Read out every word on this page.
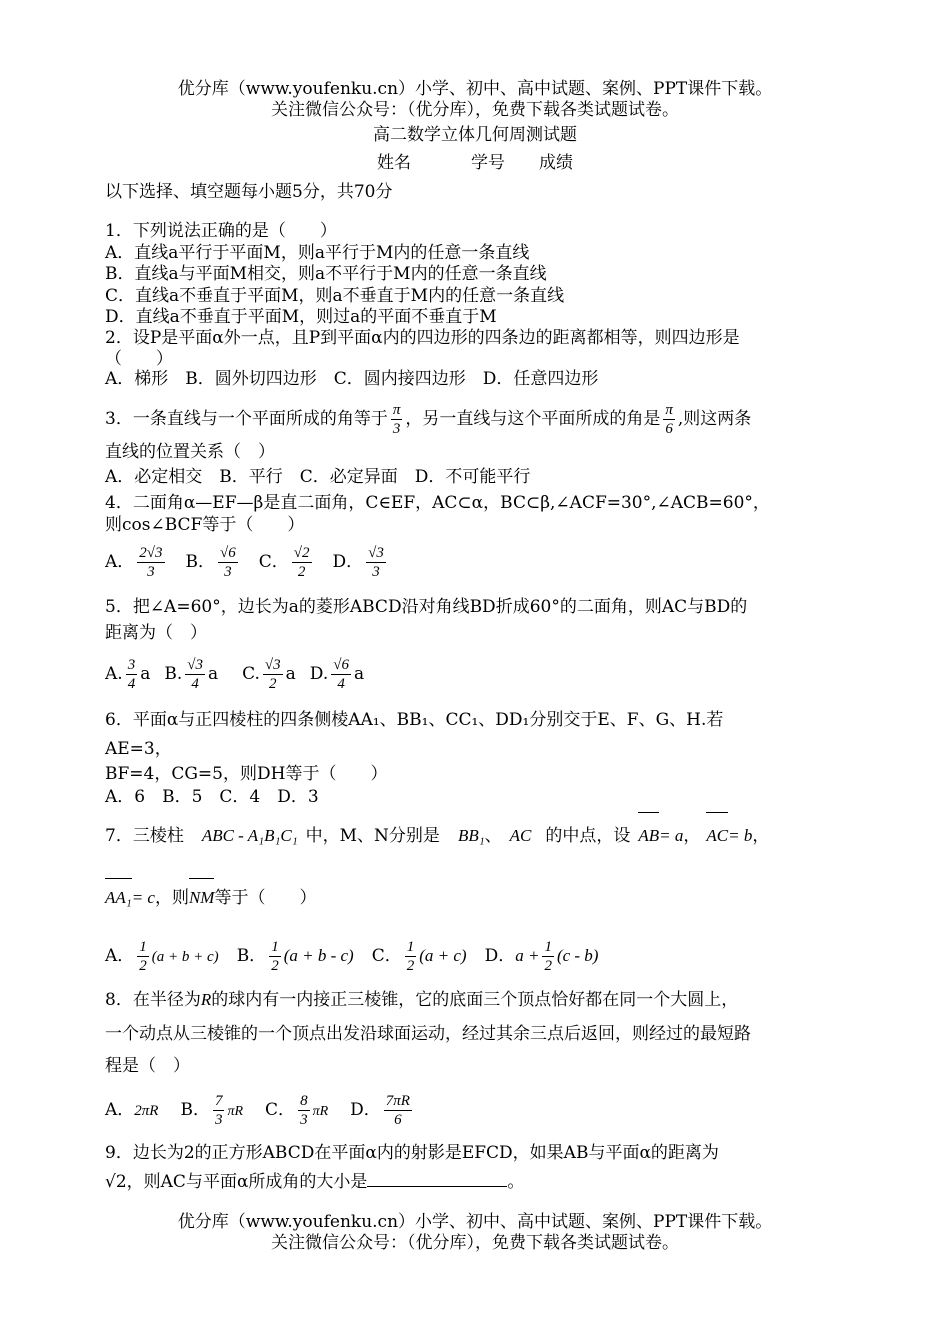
优分库（www.youfenku.cn）小学、初中、高中试题、案例、PPT课件下载。
关注微信公众号：（优分库），免费下载各类试题试卷。
高二数学立体几何周测试题
姓名	学号 成绩
以下选择、填空题每小题5分，共70分
1．下列说法正确的是（　　）
A．直线a平行于平面M，则a平行于M内的任意一条直线
B．直线a与平面M相交，则a不平行于M内的任意一条直线
C．直线a不垂直于平面M，则a不垂直于M内的任意一条直线
D．直线a不垂直于平面M，则过a的平面不垂直于M
2．设P是平面α外一点，且P到平面α内的四边形的四条边的距离都相等，则四边形是
（　　）
A．梯形　B．圆外切四边形　C．圆内接四边形　D．任意四边形
3．一条直线与一个平面所成的角等于 $\frac{\pi}{3}$ ，另一直线与这个平面所成的角是 $\frac{\pi}{6}$ ,则这两条
直线的位置关系（　）
A．必定相交　B．平行　C．必定异面　D．不可能平行
4．二面角α—EF—β是直二面角，C∈EF，AC⊂α，BC⊂β,∠ACF=30°,∠ACB=60°，
则cos∠BCF等于（　　）
A． $\frac{2√3}{3}$ B． $\frac{√6}{3}$ C． $\frac{√2}{2}$ D． $\frac{√3}{3}$
5．把∠A=60°，边长为a的菱形ABCD沿对角线BD折成60°的二面角，则AC与BD的
距离为（　）
A. $\frac{3}{4}$ a B. $\frac{√3}{4}$ a C. $\frac{√3}{2}$ a D. $\frac{√6}{4}$ a
6．平面α与正四棱柱的四条侧棱AA₁、BB₁、CC₁、DD₁分别交于E、F、G、H.若
AE=3，
BF=4，CG=5，则DH等于（　　）
A．6　B．5　C．4　D．3
7．三棱柱 ABC - A₁B₁C₁ 中，M、N分别是 BB₁、 AC 的中点，设 AB= a， AC= b，
AA₁= c，则NM等于（　　）
A． $\frac{1}{2} (a + b + c)$ B． $\frac{1}{2} (a + b - c)$ C． $\frac{1}{2} (a + c)$ D．$a + \frac{1}{2} (c - b)$
8．在半径为R的球内有一内接正三棱锥，它的底面三个顶点恰好都在同一个大圆上，
一个动点从三棱锥的一个顶点出发沿球面运动，经过其余三点后返回，则经过的最短路
程是（　）
A．2πR B． $\frac{7}{3}$ πR C． $\frac{8}{3}$ πR D． $\frac{7\pi R}{6}$
9．边长为2的正方形ABCD在平面α内的射影是EFCD，如果AB与平面α的距离为
√2，则AC与平面α所成角的大小是	。
优分库（www.youfenku.cn）小学、初中、高中试题、案例、PPT课件下载。
关注微信公众号：（优分库），免费下载各类试题试卷。
